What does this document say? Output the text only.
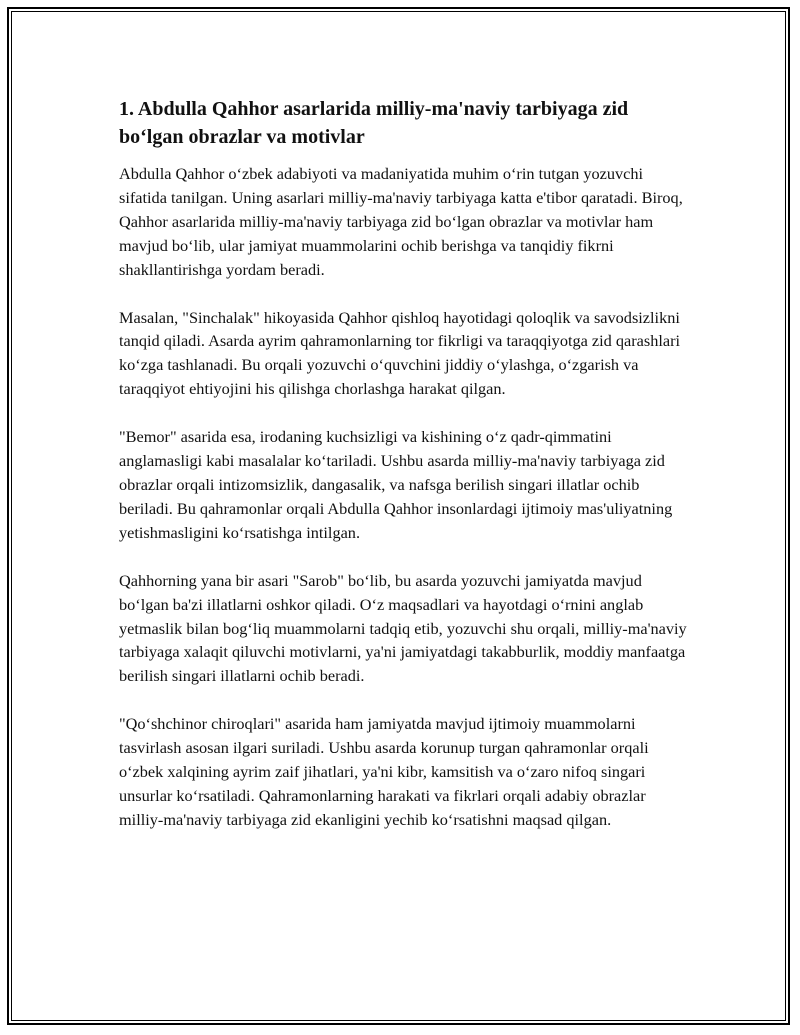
1. Abdulla Qahhor asarlarida milliy-ma'naviy tarbiyaga zid bo‘lgan obrazlar va motivlar

Abdulla Qahhor o‘zbek adabiyoti va madaniyatida muhim o‘rin tutgan yozuvchi sifatida tanilgan. Uning asarlari milliy-ma'naviy tarbiyaga katta e'tibor qaratadi. Biroq, Qahhor asarlarida milliy-ma'naviy tarbiyaga zid bo‘lgan obrazlar va motivlar ham mavjud bo‘lib, ular jamiyat muammolarini ochib berishga va tanqidiy fikrni shakllantirishga yordam beradi.

Masalan, "Sinchalak" hikoyasida Qahhor qishloq hayotidagi qoloqlik va savodsizlikni tanqid qiladi. Asarda ayrim qahramonlarning tor fikrligi va taraqqiyotga zid qarashlari ko‘zga tashlanadi. Bu orqali yozuvchi o‘quvchini jiddiy o‘ylashga, o‘zgarish va taraqqiyot ehtiyojini his qilishga chorlashga harakat qilgan.

"Bemor" asarida esa, irodaning kuchsizligi va kishining o‘z qadr-qimmatini anglamasligi kabi masalalar ko‘tariladi. Ushbu asarda milliy-ma'naviy tarbiyaga zid obrazlar orqali intizomsizlik, dangasalik, va nafsga berilish singari illatlar ochib beriladi. Bu qahramonlar orqali Abdulla Qahhor insonlardagi ijtimoiy mas'uliyatning yetishmasligini ko‘rsatishga intilgan.

Qahhorning yana bir asari "Sarob" bo‘lib, bu asarda yozuvchi jamiyatda mavjud bo‘lgan ba'zi illatlarni oshkor qiladi. O‘z maqsadlari va hayotdagi o‘rnini anglab yetmaslik bilan bog‘liq muammolarni tadqiq etib, yozuvchi shu orqali, milliy-ma'naviy tarbiyaga xalaqit qiluvchi motivlarni, ya'ni jamiyatdagi takabburlik, moddiy manfaatga berilish singari illatlarni ochib beradi.

"Qo‘shchinor chiroqlari" asarida ham jamiyatda mavjud ijtimoiy muammolarni tasvirlash asosan ilgari suriladi. Ushbu asarda korunup turgan qahramonlar orqali o‘zbek xalqining ayrim zaif jihatlari, ya'ni kibr, kamsitish va o‘zaro nifoq singari unsurlar ko‘rsatiladi. Qahramonlarning harakati va fikrlari orqali adabiy obrazlar milliy-ma'naviy tarbiyaga zid ekanligini yechib ko‘rsatishni maqsad qilgan.
